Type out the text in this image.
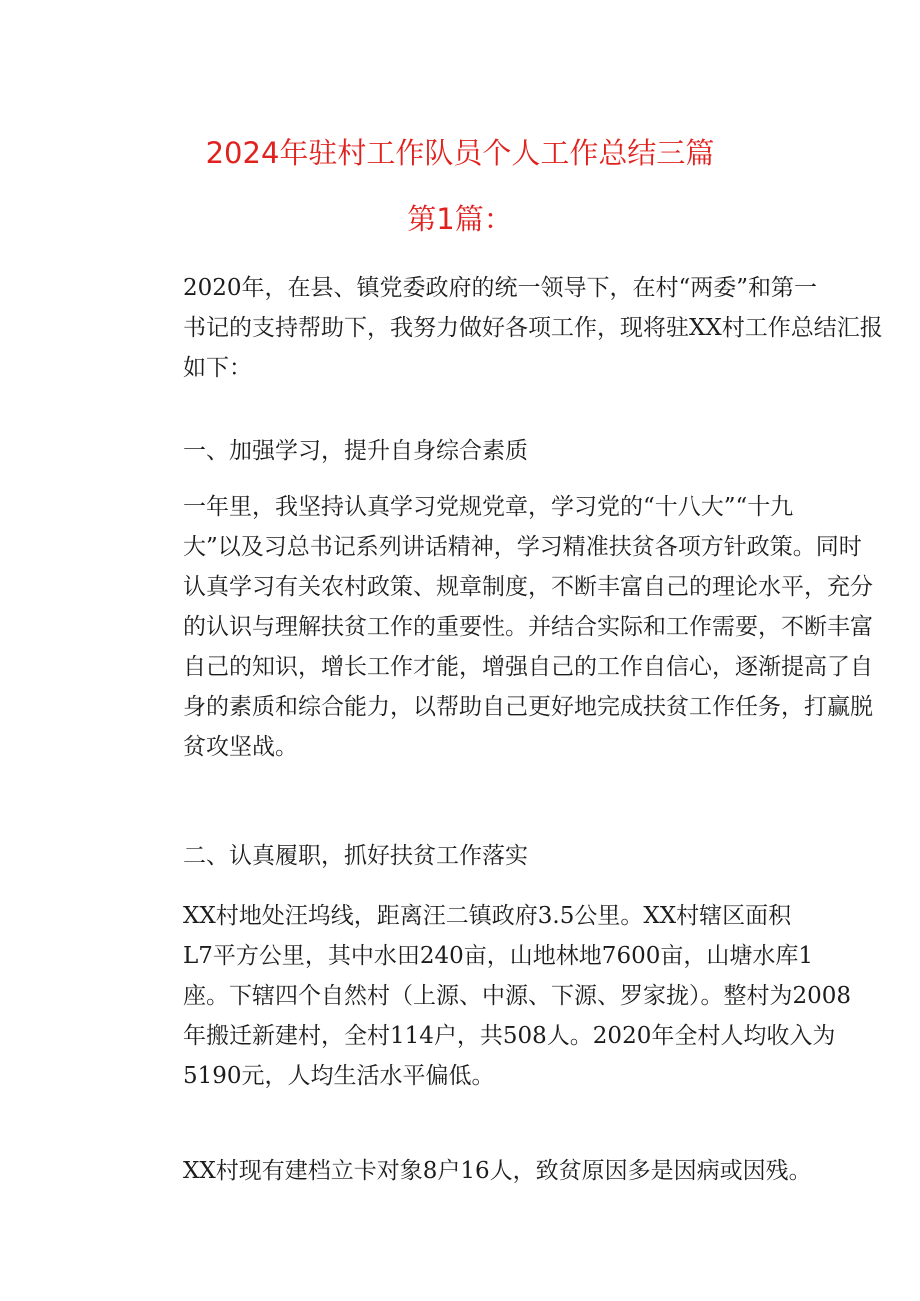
2024年驻村工作队员个人工作总结三篇
第1篇：

2020年，在县、镇党委政府的统一领导下，在村“两委”和第一
书记的支持帮助下，我努力做好各项工作，现将驻XX村工作总结汇报
如下：

一、加强学习，提升自身综合素质

一年里，我坚持认真学习党规党章，学习党的“十八大”“十九
大”以及习总书记系列讲话精神，学习精准扶贫各项方针政策。同时
认真学习有关农村政策、规章制度，不断丰富自己的理论水平，充分
的认识与理解扶贫工作的重要性。并结合实际和工作需要，不断丰富
自己的知识，增长工作才能，增强自己的工作自信心，逐渐提高了自
身的素质和综合能力，以帮助自己更好地完成扶贫工作任务，打赢脱
贫攻坚战。

二、认真履职，抓好扶贫工作落实

XX村地处汪坞线，距离汪二镇政府3.5公里。XX村辖区面积
L7平方公里，其中水田240亩，山地林地7600亩，山塘水库1
座。下辖四个自然村（上源、中源、下源、罗家拢）。整村为2008
年搬迁新建村，全村114户，共508人。2020年全村人均收入为
5190元，人均生活水平偏低。

XX村现有建档立卡对象8户16人，致贫原因多是因病或因残。
